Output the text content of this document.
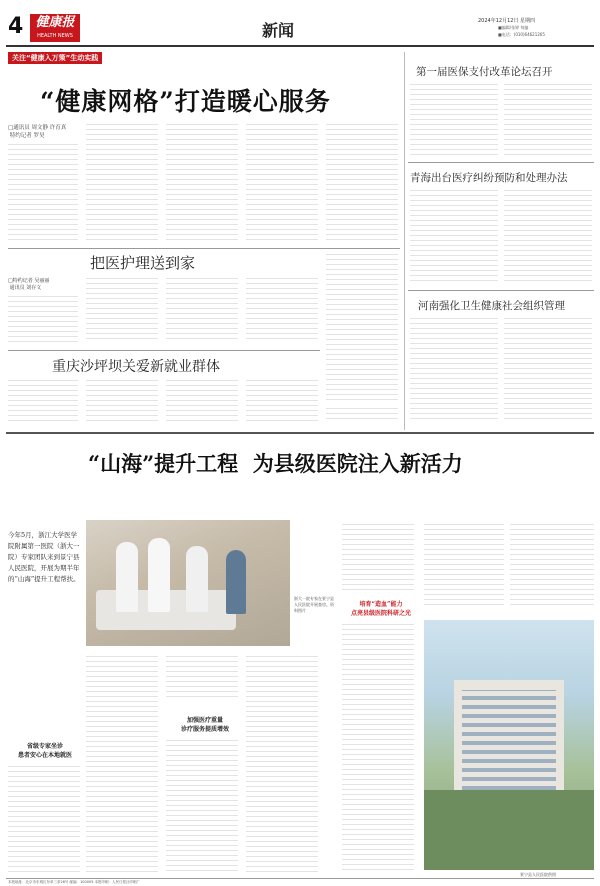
4 健康报
HEALTH NEWS	新闻	2024年12月12日 星期四
■编辑/张婷 每编
■电话：(010)64621265
关注“健康入万策”生动实践
“健康网格”打造暖心服务
□通讯员 周文静 许育真
特约记者 罗昊
把医护理送到家
□特约记者 吴丽丽
通讯员 刘存文
重庆沙坪坝关爱新就业群体
第一届医保支付改革论坛召开
青海出台医疗纠纷预防和处理办法
河南强化卫生健康社会组织管理
“山海”提升工程  为县级医院注入新活力
今年5月，浙江大学医学院附属第一医院（浙大一院）专家团队来到景宁县人民医院，开展为期半年的“山海”提升工程帮扶。
省级专家坐诊
患者安心在本地就医
浙大一院专家在景宁县人民医院开展查房。资料图片
加强医疗重量
诊疗服务提质增效
培育“造血”能力
点亮县级医院科研之光
景宁县人民医院供图
本报地址：北京市东城区东单三条26号 邮编：100005 本报印刷：人民日报社印刷厂
